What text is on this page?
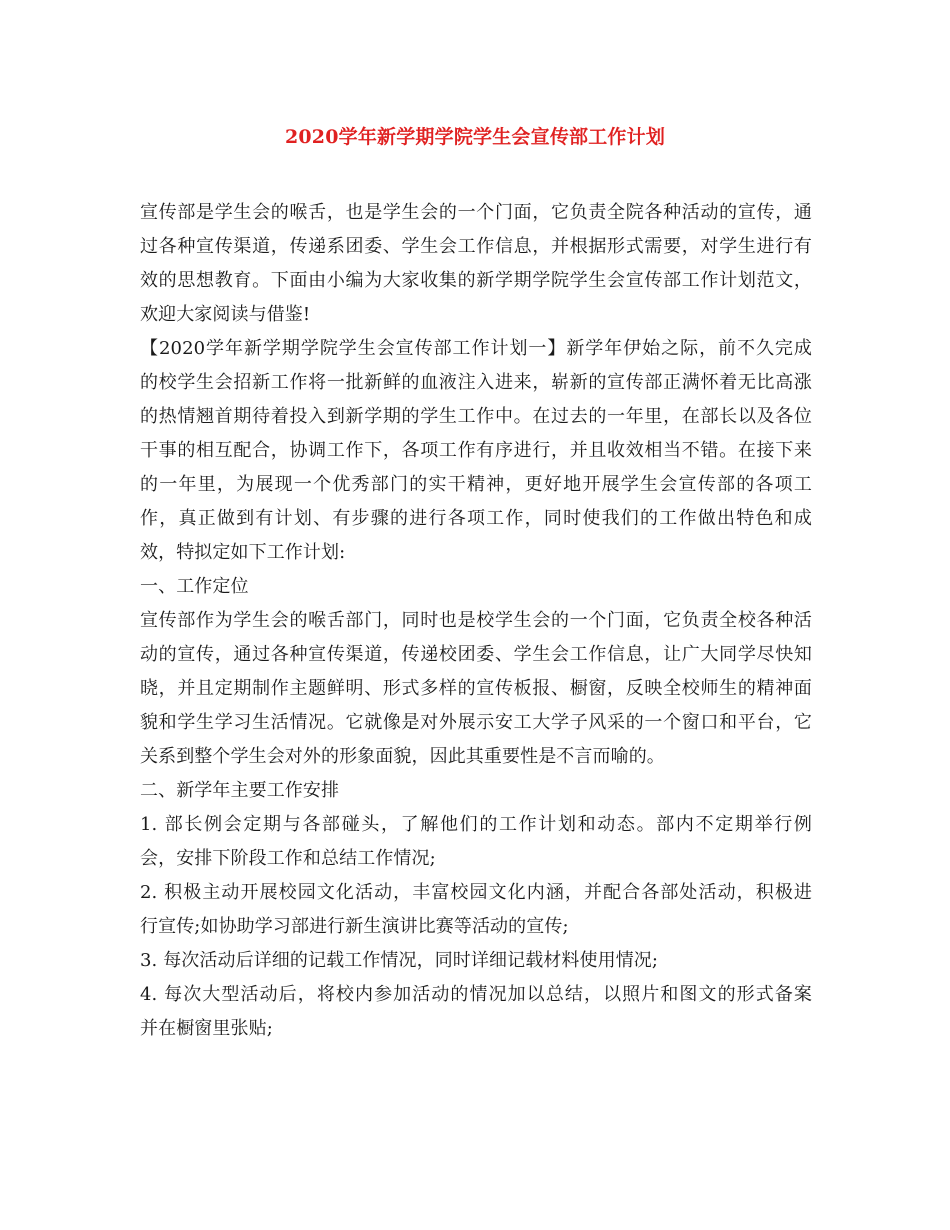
2020学年新学期学院学生会宣传部工作计划
宣传部是学生会的喉舌，也是学生会的一个门面，它负责全院各种活动的宣传，通
过各种宣传渠道，传递系团委、学生会工作信息，并根据形式需要，对学生进行有
效的思想教育。下面由小编为大家收集的新学期学院学生会宣传部工作计划范文，
欢迎大家阅读与借鉴!
【2020学年新学期学院学生会宣传部工作计划一】新学年伊始之际，前不久完成
的校学生会招新工作将一批新鲜的血液注入进来，崭新的宣传部正满怀着无比高涨
的热情翘首期待着投入到新学期的学生工作中。在过去的一年里，在部长以及各位
干事的相互配合，协调工作下，各项工作有序进行，并且收效相当不错。在接下来
的一年里，为展现一个优秀部门的实干精神，更好地开展学生会宣传部的各项工
作，真正做到有计划、有步骤的进行各项工作，同时使我们的工作做出特色和成
效，特拟定如下工作计划:
一、工作定位
宣传部作为学生会的喉舌部门，同时也是校学生会的一个门面，它负责全校各种活
动的宣传，通过各种宣传渠道，传递校团委、学生会工作信息，让广大同学尽快知
晓，并且定期制作主题鲜明、形式多样的宣传板报、橱窗，反映全校师生的精神面
貌和学生学习生活情况。它就像是对外展示安工大学子风采的一个窗口和平台，它
关系到整个学生会对外的形象面貌，因此其重要性是不言而喻的。
二、新学年主要工作安排
1. 部长例会定期与各部碰头，了解他们的工作计划和动态。部内不定期举行例
会，安排下阶段工作和总结工作情况;
2. 积极主动开展校园文化活动，丰富校园文化内涵，并配合各部处活动，积极进
行宣传;如协助学习部进行新生演讲比赛等活动的宣传;
3. 每次活动后详细的记载工作情况，同时详细记载材料使用情况;
4. 每次大型活动后，将校内参加活动的情况加以总结，以照片和图文的形式备案
并在橱窗里张贴;
